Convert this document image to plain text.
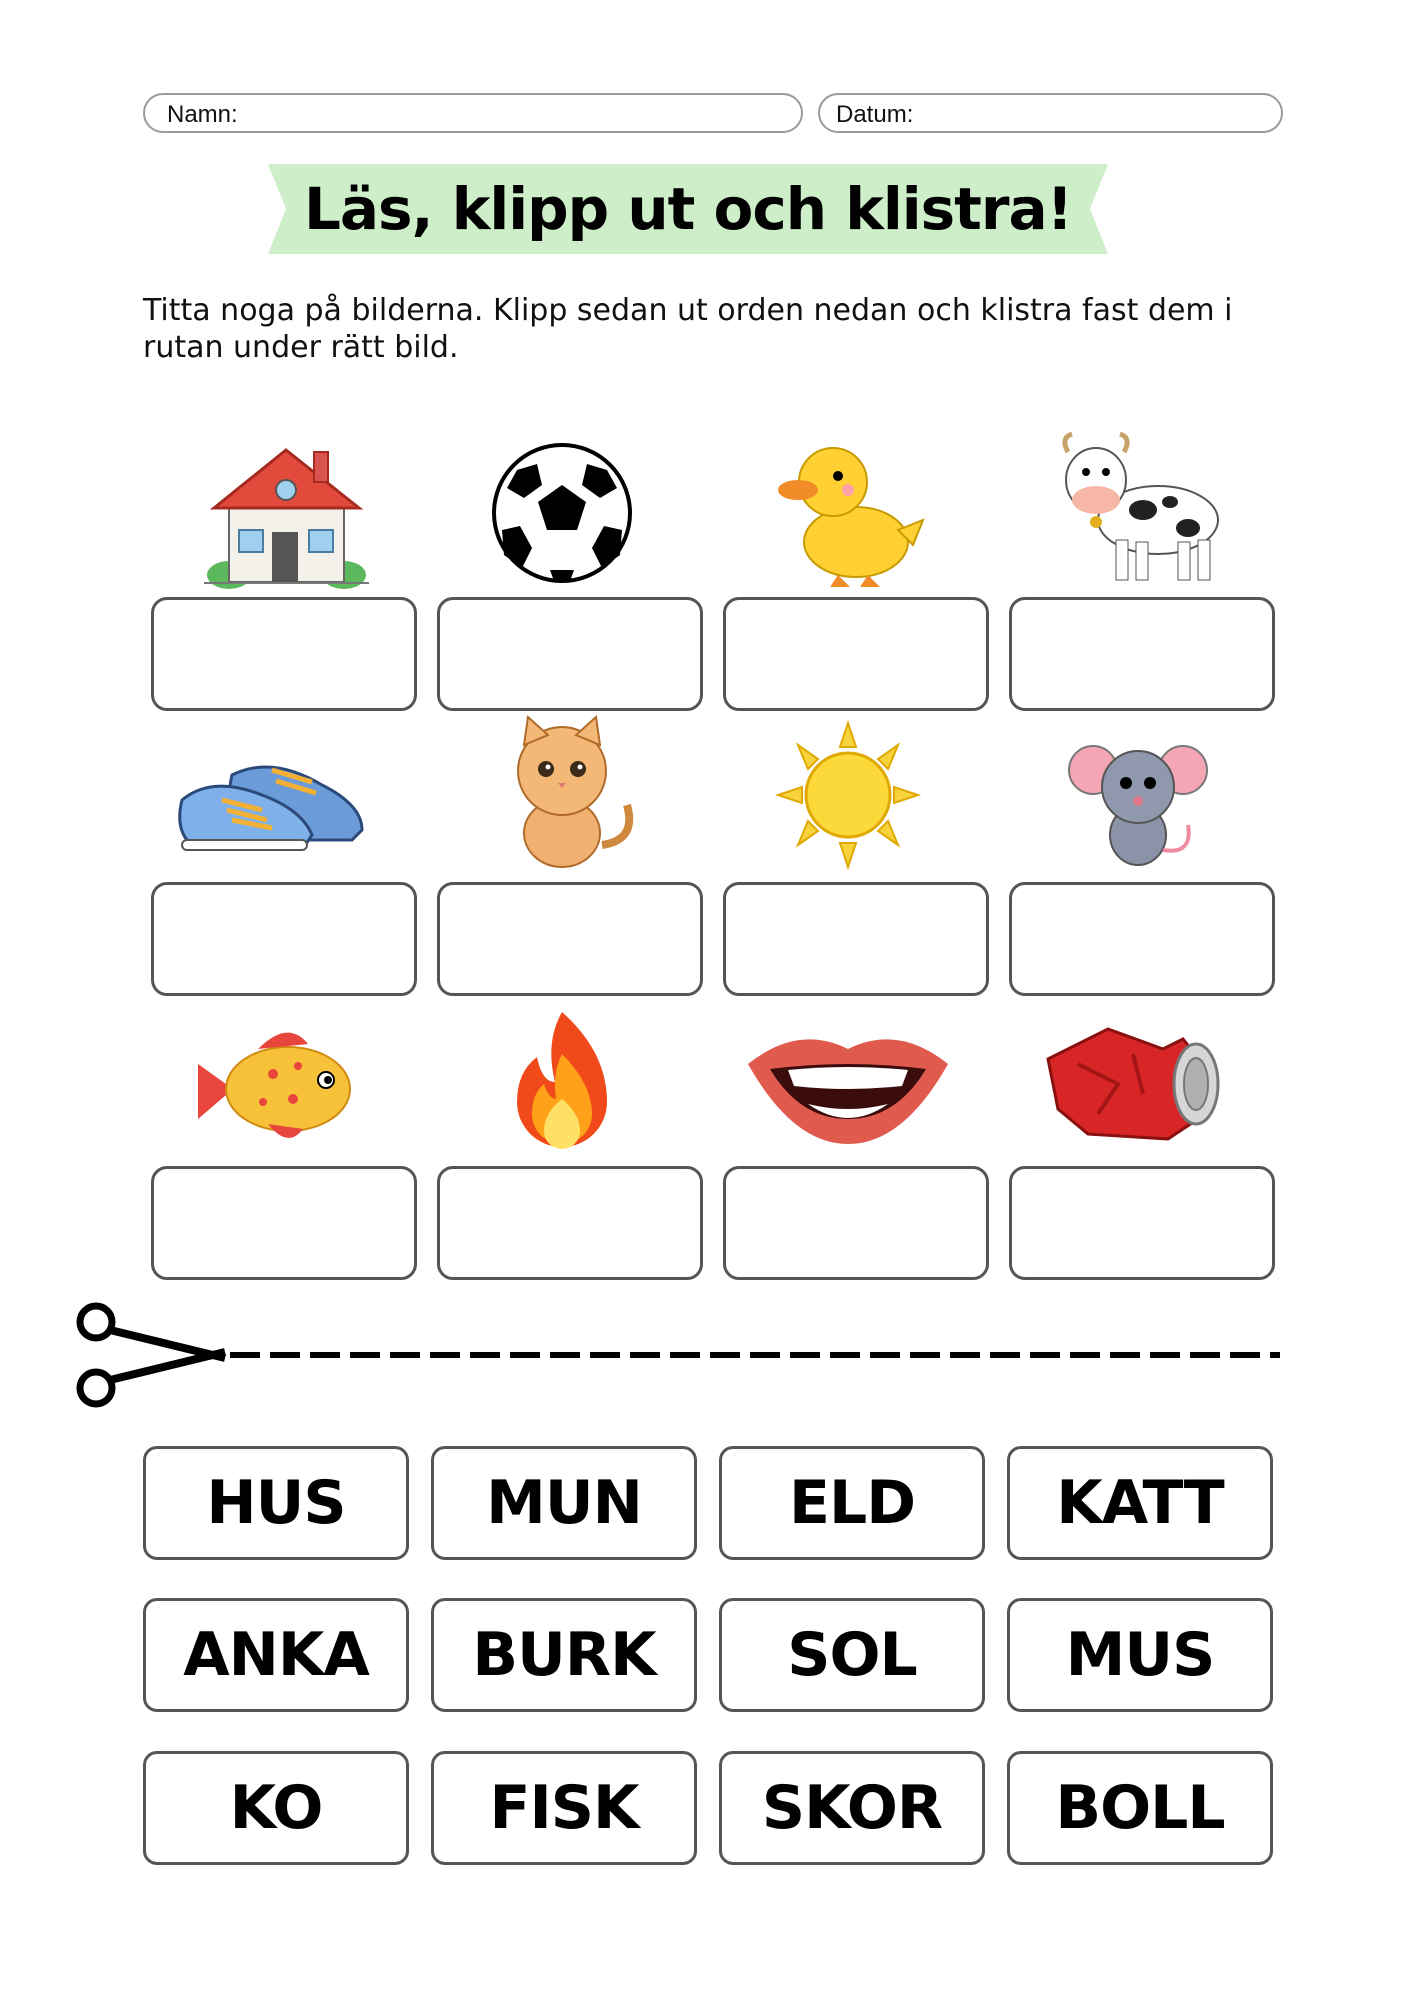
Namn:	Datum:
Läs, klipp ut och klistra!
Titta noga på bilderna. Klipp sedan ut orden nedan och klistra fast dem i rutan under rätt bild.
HUS	MUN	ELD	KATT
ANKA	BURK	SOL	MUS
KO	FISK	SKOR	BOLL
